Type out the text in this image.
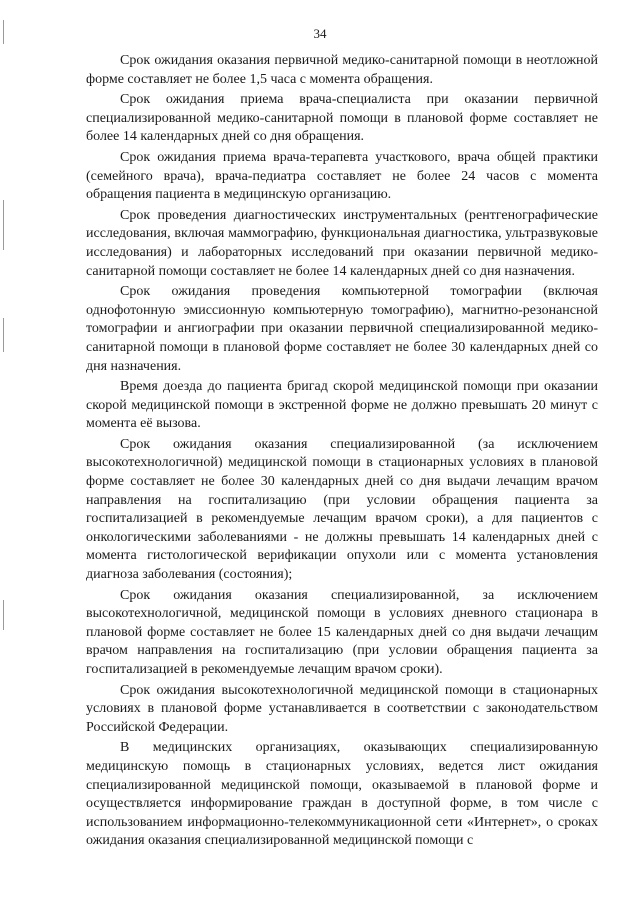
34

Срок ожидания оказания первичной медико-санитарной помощи в неотложной форме составляет не более 1,5 часа с момента обращения.

Срок ожидания приема врача-специалиста при оказании первичной специализированной медико-санитарной помощи в плановой форме составляет не более 14 календарных дней со дня обращения.

Срок ожидания приема врача-терапевта участкового, врача общей практики (семейного врача), врача-педиатра составляет не более 24 часов с момента обращения пациента в медицинскую организацию.

Срок проведения диагностических инструментальных (рентгенографические исследования, включая маммографию, функциональная диагностика, ультразвуковые исследования) и лабораторных исследований при оказании первичной медико-санитарной помощи составляет не более 14 календарных дней со дня назначения.

Срок ожидания проведения компьютерной томографии (включая однофотонную эмиссионную компьютерную томографию), магнитно-резонансной томографии и ангиографии при оказании первичной специализированной медико-санитарной помощи в плановой форме составляет не более 30 календарных дней со дня назначения.

Время доезда до пациента бригад скорой медицинской помощи при оказании скорой медицинской помощи в экстренной форме не должно превышать 20 минут с момента её вызова.

Срок ожидания оказания специализированной (за исключением высокотехнологичной) медицинской помощи в стационарных условиях в плановой форме составляет не более 30 календарных дней со дня выдачи лечащим врачом направления на госпитализацию (при условии обращения пациента за госпитализацией в рекомендуемые лечащим врачом сроки), а для пациентов с онкологическими заболеваниями - не должны превышать 14 календарных дней с момента гистологической верификации опухоли или с момента установления диагноза заболевания (состояния);

Срок ожидания оказания специализированной, за исключением высокотехнологичной, медицинской помощи в условиях дневного стационара в плановой форме составляет не более 15 календарных дней со дня выдачи лечащим врачом направления на госпитализацию (при условии обращения пациента за госпитализацией в рекомендуемые лечащим врачом сроки).

Срок ожидания высокотехнологичной медицинской помощи в стационарных условиях в плановой форме устанавливается в соответствии с законодательством Российской Федерации.

В медицинских организациях, оказывающих специализированную медицинскую помощь в стационарных условиях, ведется лист ожидания специализированной медицинской помощи, оказываемой в плановой форме и осуществляется информирование граждан в доступной форме, в том числе с использованием информационно-телекоммуникационной сети «Интернет», о сроках ожидания оказания специализированной медицинской помощи с
